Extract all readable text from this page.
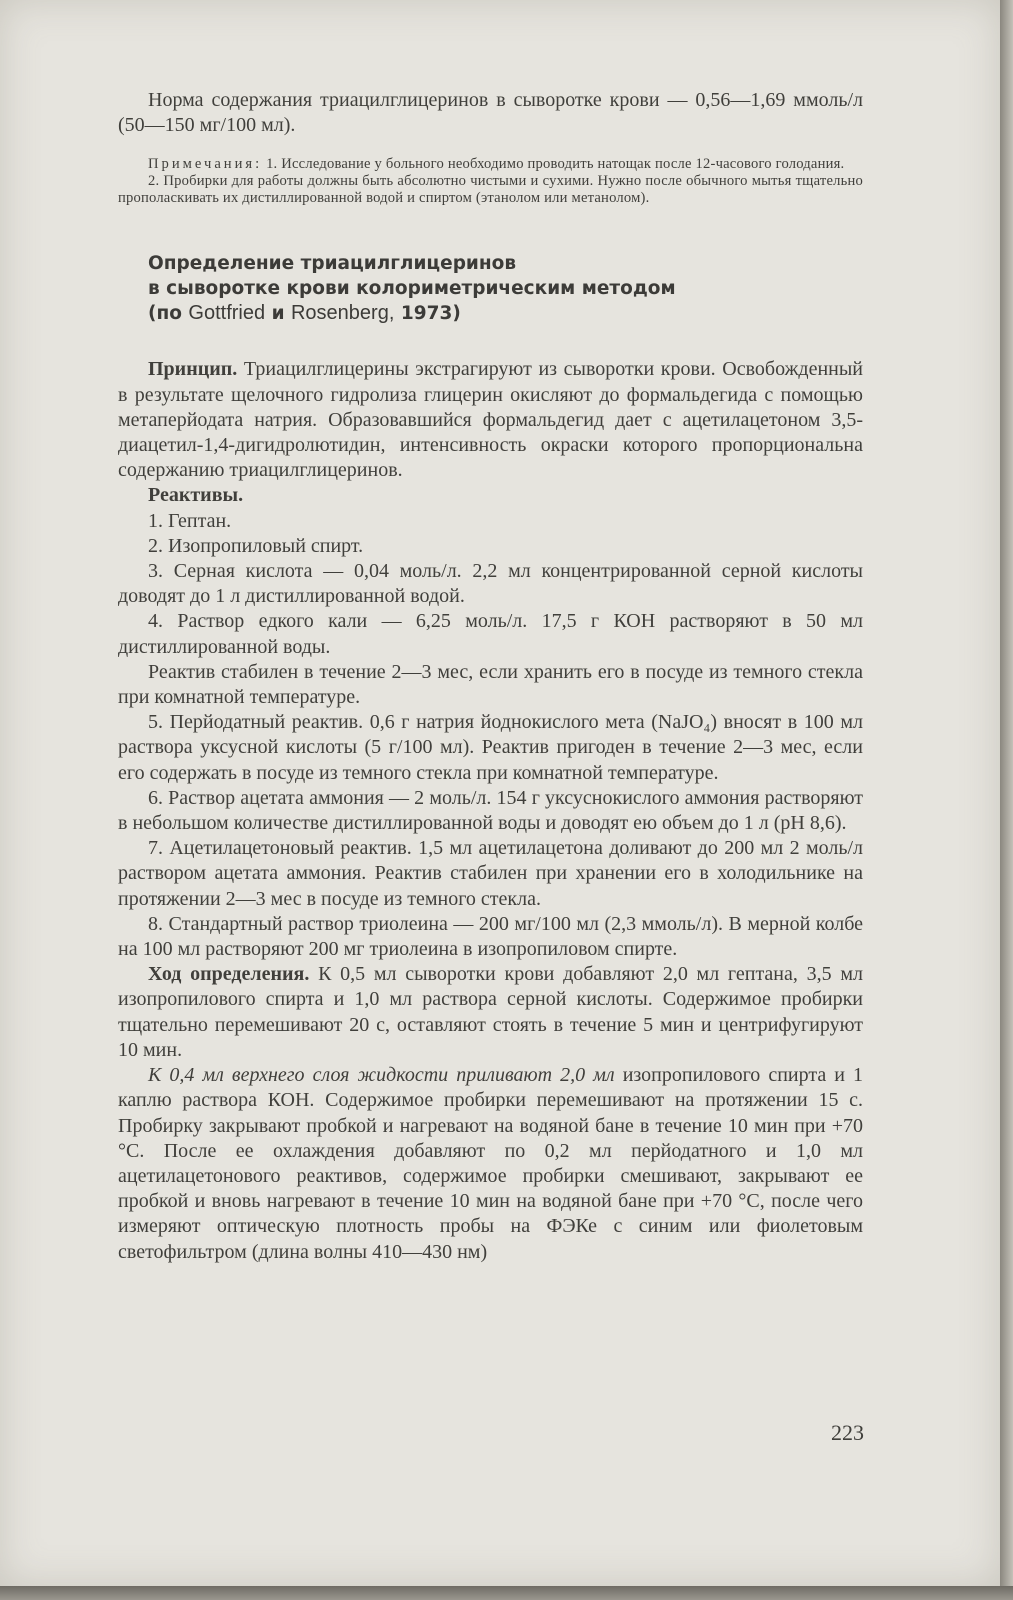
Норма содержания триацилглицеринов в сыворотке крови — 0,56—1,69 ммоль/л (50—150 мг/100 мл).

Примечания: 1. Исследование у больного необходимо проводить натощак после 12-часового голодания.

2. Пробирки для работы должны быть абсолютно чистыми и сухими. Нужно после обычного мытья тщательно прополаскивать их дистиллированной водой и спиртом (этанолом или метанолом).

Определение триацилглицеринов
в сыворотке крови колориметрическим методом
(по Gottfried и Rosenberg, 1973)

Принцип. Триацилглицерины экстрагируют из сыворотки крови. Освобожденный в результате щелочного гидролиза глицерин окисляют до формальдегида с помощью метаперйодата натрия. Образовавшийся формальдегид дает с ацетилацетоном 3,5-диацетил-1,4-дигидролютидин, интенсивность окраски которого пропорциональна содержанию триацилглицеринов.

Реактивы.

1. Гептан.

2. Изопропиловый спирт.

3. Серная кислота — 0,04 моль/л. 2,2 мл концентрированной серной кислоты доводят до 1 л дистиллированной водой.

4. Раствор едкого кали — 6,25 моль/л. 17,5 г КОН растворяют в 50 мл дистиллированной воды.

Реактив стабилен в течение 2—3 мес, если хранить его в посуде из темного стекла при комнатной температуре.

5. Перйодатный реактив. 0,6 г натрия йоднокислого мета (NaJO₄) вносят в 100 мл раствора уксусной кислоты (5 г/100 мл). Реактив пригоден в течение 2—3 мес, если его содержать в посуде из темного стекла при комнатной температуре.

6. Раствор ацетата аммония — 2 моль/л. 154 г уксуснокислого аммония растворяют в небольшом количестве дистиллированной воды и доводят ею объем до 1 л (pH 8,6).

7. Ацетилацетоновый реактив. 1,5 мл ацетилацетона доливают до 200 мл 2 моль/л раствором ацетата аммония. Реактив стабилен при хранении его в холодильнике на протяжении 2—3 мес в посуде из темного стекла.

8. Стандартный раствор триолеина — 200 мг/100 мл (2,3 ммоль/л). В мерной колбе на 100 мл растворяют 200 мг триолеина в изопропиловом спирте.

Ход определения. К 0,5 мл сыворотки крови добавляют 2,0 мл гептана, 3,5 мл изопропилового спирта и 1,0 мл раствора серной кислоты. Содержимое пробирки тщательно перемешивают 20 с, оставляют стоять в течение 5 мин и центрифугируют 10 мин.

К 0,4 мл верхнего слоя жидкости приливают 2,0 мл изопропилового спирта и 1 каплю раствора КОН. Содержимое пробирки перемешивают на протяжении 15 с. Пробирку закрывают пробкой и нагревают на водяной бане в течение 10 мин при +70 °С. После ее охлаждения добавляют по 0,2 мл перйодатного и 1,0 мл ацетилацетонового реактивов, содержимое пробирки смешивают, закрывают ее пробкой и вновь нагревают в течение 10 мин на водяной бане при +70 °С, после чего измеряют оптическую плотность пробы на ФЭКе с синим или фиолетовым светофильтром (длина волны 410—430 нм)

223
